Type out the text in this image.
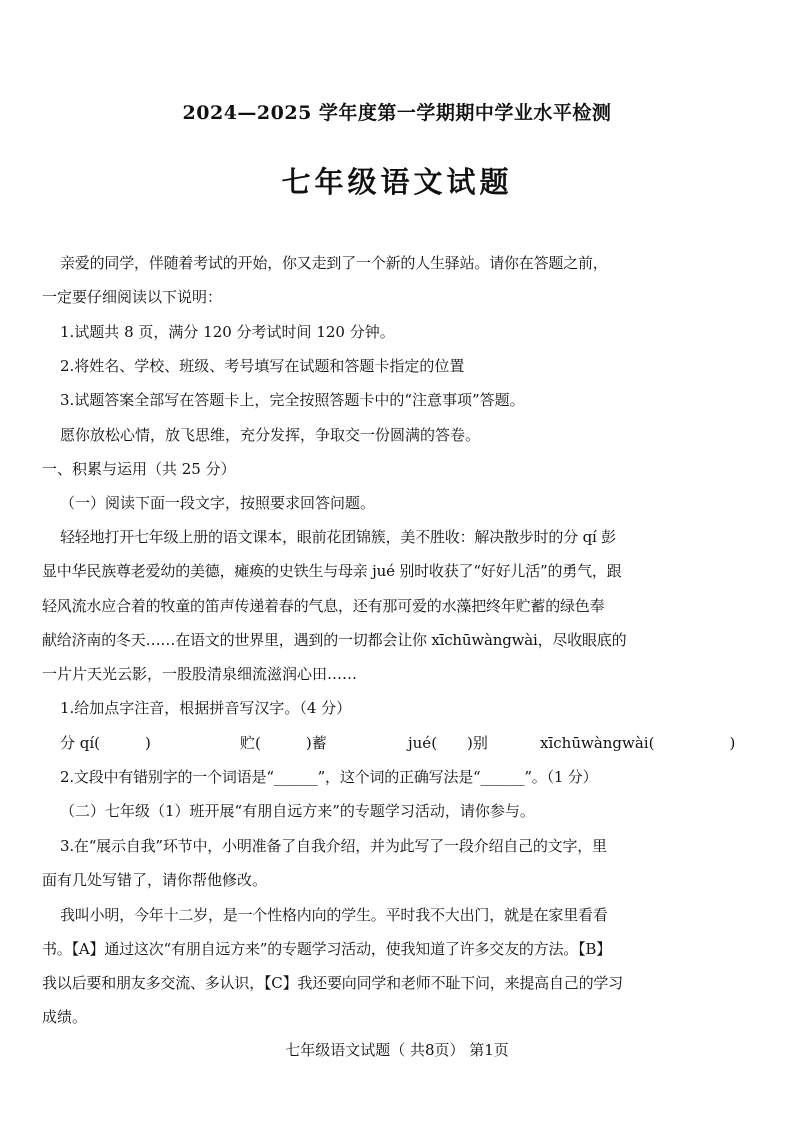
2024—2025 学年度第一学期期中学业水平检测
七年级语文试题
亲爱的同学，伴随着考试的开始，你又走到了一个新的人生驿站。请你在答题之前，
一定要仔细阅读以下说明：
1.试题共 8 页，满分 120 分考试时间 120 分钟。
2.将姓名、学校、班级、考号填写在试题和答题卡指定的位置
3.试题答案全部写在答题卡上，完全按照答题卡中的“注意事项”答题。
愿你放松心情，放飞思维，充分发挥，争取交一份圆满的答卷。
一、积累与运用（共 25 分）
（一）阅读下面一段文字，按照要求回答问题。
轻轻地打开七年级上册的语文课本，眼前花团锦簇，美不胜收：解决散步时的分 qí 彭
显中华民族尊老爱幼的美德，瘫痪的史铁生与母亲 jué 别时收获了“好好儿活”的勇气，跟
轻风流水应合着的牧童的笛声传递着春的气息，还有那可爱的水藻把终年贮蓄的绿色奉
献给济南的冬天……在语文的世界里，遇到的一切都会让你 xīchūwàngwài，尽收眼底的
一片片天光云影，一股股清泉细流滋润心田……
1.给加点字注音，根据拼音写汉字。（4 分）
分 qí(　　　)	贮(　　　)蓄	jué(　　)别	xīchūwàngwài(　　　　　)
2.文段中有错别字的一个词语是“______”，这个词的正确写法是“______”。（1 分）
（二）七年级（1）班开展“有朋自远方来”的专题学习活动，请你参与。
3.在“展示自我”环节中，小明准备了自我介绍，并为此写了一段介绍自己的文字，里
面有几处写错了，请你帮他修改。
我叫小明，今年十二岁，是一个性格内向的学生。平时我不大出门，就是在家里看看
书。【A】通过这次“有朋自远方来”的专题学习活动，使我知道了许多交友的方法。【B】
我以后要和朋友多交流、多认识，【C】我还要向同学和老师不耻下问，来提高自己的学习
成绩。
七年级语文试题（ 共8页） 第1页
